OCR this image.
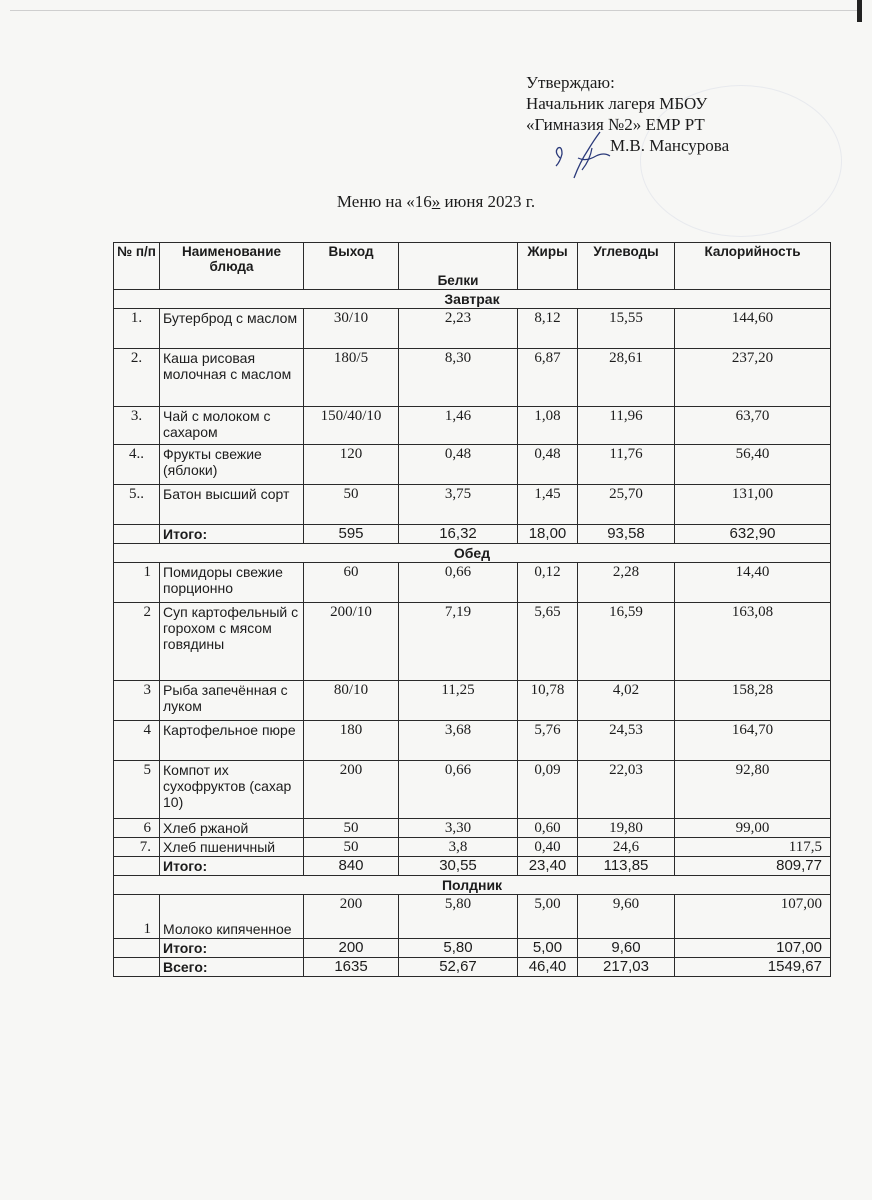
Утверждаю:
Начальник лагеря МБОУ
«Гимназия №2» ЕМР РТ
М.В. Мансурова
Меню на «16» июня 2023 г.
№ п/п	Наименование блюда	Выход	Белки	Жиры	Углеводы	Калорийность
Завтрак						
1.	Бутерброд с маслом	30/10	2,23	8,12	15,55	144,60
2.	Каша рисовая молочная с маслом	180/5	8,30	6,87	28,61	237,20
3.	Чай с молоком с сахаром	150/40/10	1,46	1,08	11,96	63,70
4..	Фрукты свежие (яблоки)	120	0,48	0,48	11,76	56,40
5..	Батон высший сорт	50	3,75	1,45	25,70	131,00
	Итого:	595	16,32	18,00	93,58	632,90
Обед						
1	Помидоры свежие порционно	60	0,66	0,12	2,28	14,40
2	Суп картофельный с горохом с мясом говядины	200/10	7,19	5,65	16,59	163,08
3	Рыба запечённая с луком	80/10	11,25	10,78	4,02	158,28
4	Картофельное пюре	180	3,68	5,76	24,53	164,70
5	Компот их сухофруктов (сахар 10)	200	0,66	0,09	22,03	92,80
6	Хлеб ржаной	50	3,30	0,60	19,80	99,00
7.	Хлеб пшеничный	50	3,8	0,40	24,6	117,5
	Итого:	840	30,55	23,40	113,85	809,77
Полдник						
1	Молоко кипяченное	200	5,80	5,00	9,60	107,00
	Итого:	200	5,80	5,00	9,60	107,00
	Всего:	1635	52,67	46,40	217,03	1549,67
